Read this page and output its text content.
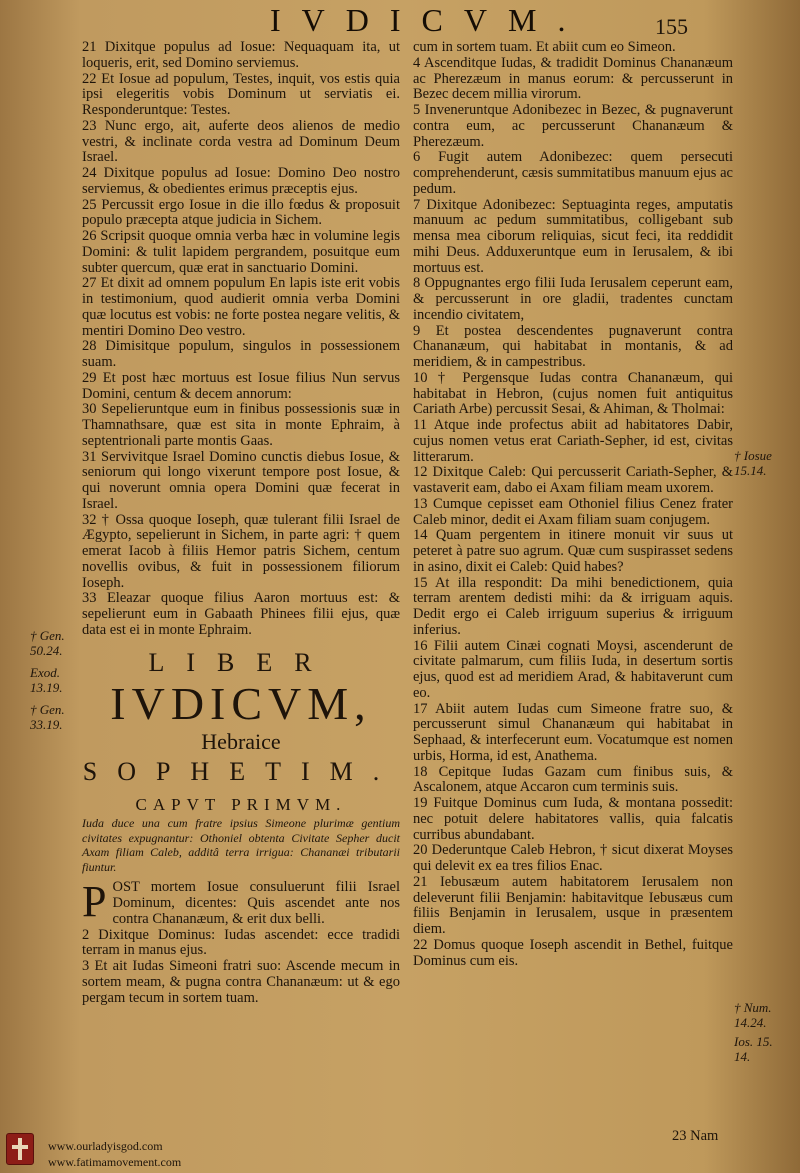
IVDICVM.	155
21 Dixitque populus ad Iosue: Nequaquam ita, ut loqueris, erit, sed Domino serviemus.
22 Et Iosue ad populum, Testes, inquit, vos estis quia ipsi elegeritis vobis Dominum ut serviatis ei. Responderuntque: Testes.
23 Nunc ergo, ait, auferte deos alienos de medio vestri, & inclinate corda vestra ad Dominum Deum Israel.
24 Dixitque populus ad Iosue: Domino Deo nostro serviemus, & obedientes erimus præceptis ejus.
25 Percussit ergo Iosue in die illo fœdus & proposuit populo præcepta atque judicia in Sichem.
26 Scripsit quoque omnia verba hæc in volumine legis Domini: & tulit lapidem pergrandem, posuitque eum subter quercum, quæ erat in sanctuario Domini.
27 Et dixit ad omnem populum En lapis iste erit vobis in testimonium, quod audierit omnia verba Domini quæ locutus est vobis: ne forte postea negare velitis, & mentiri Domino Deo vestro.
28 Dimisitque populum, singulos in possessionem suam.
29 Et post hæc mortuus est Iosue filius Nun servus Domini, centum & decem annorum:
30 Sepelieruntque eum in finibus possessionis suæ in Thamnathsare, quæ est sita in monte Ephraim, à septentrionali parte montis Gaas.
31 Servivitque Israel Domino cunctis diebus Iosue, & seniorum qui longo vixerunt tempore post Iosue, & qui noverunt omnia opera Domini quæ fecerat in Israel.
32 † Ossa quoque Ioseph, quæ tulerant filii Israel de Ægypto, sepelierunt in Sichem, in parte agri: † quem emerat Iacob à filiis Hemor patris Sichem, centum novellis ovibus, & fuit in possessionem filiorum Ioseph.
33 Eleazar quoque filius Aaron mortuus est: & sepelierunt eum in Gabaath Phinees filii ejus, quæ data est ei in monte Ephraim.
LIBER
IVDICVM,
Hebraice
SOPHETIM.
CAPVT PRIMVM.
Iuda duce una cum fratre ipsius Simeone plurimæ gentium civitates expugnantur: Othoniel obtenta Civitate Sepher ducit Axam filiam Caleb, additâ terra irrigua: Chananæi tributarii fiuntur.
P OST mortem Iosue consuluerunt filii Israel Dominum, dicentes: Quis ascendet ante nos contra Chananæum, & erit dux belli.
2 Dixitque Dominus: Iudas ascendet: ecce tradidi terram in manus ejus.
3 Et ait Iudas Simeoni fratri suo: Ascende mecum in sortem meam, & pugna contra Chananæum: ut & ego pergam tecum in sortem tuam.
cum in sortem tuam. Et abiit cum eo Simeon.
4 Ascenditque Iudas, & tradidit Dominus Chananæum ac Pherezæum in manus eorum: & percusserunt in Bezec decem millia virorum.
5 Inveneruntque Adonibezec in Bezec, & pugnaverunt contra eum, ac percusserunt Chananæum & Pherezæum.
6 Fugit autem Adonibezec: quem persecuti comprehenderunt, cæsis summitatibus manuum ejus ac pedum.
7 Dixitque Adonibezec: Septuaginta reges, amputatis manuum ac pedum summitatibus, colligebant sub mensa mea ciborum reliquias, sicut feci, ita reddidit mihi Deus. Adduxeruntque eum in Ierusalem, & ibi mortuus est.
8 Oppugnantes ergo filii Iuda Ierusalem ceperunt eam, & percusserunt in ore gladii, tradentes cunctam incendio civitatem,
9 Et postea descendentes pugnaverunt contra Chananæum, qui habitabat in montanis, & ad meridiem, & in campestribus.
10 † Pergensque Iudas contra Chananæum, qui habitabat in Hebron, (cujus nomen fuit antiquitus Cariath Arbe) percussit Sesai, & Ahiman, & Tholmai:
11 Atque inde profectus abiit ad habitatores Dabir, cujus nomen vetus erat Cariath-Sepher, id est, civitas litterarum.
12 Dixitque Caleb: Qui percusserit Cariath-Sepher, & vastaverit eam, dabo ei Axam filiam meam uxorem.
13 Cumque cepisset eam Othoniel filius Cenez frater Caleb minor, dedit ei Axam filiam suam conjugem.
14 Quam pergentem in itinere monuit vir suus ut peteret à patre suo agrum. Quæ cum suspirasset sedens in asino, dixit ei Caleb: Quid habes?
15 At illa respondit: Da mihi benedictionem, quia terram arentem dedisti mihi: da & irriguam aquis. Dedit ergo ei Caleb irriguum superius & irriguum inferius.
16 Filii autem Cinæi cognati Moysi, ascenderunt de civitate palmarum, cum filiis Iuda, in desertum sortis ejus, quod est ad meridiem Arad, & habitaverunt cum eo.
17 Abiit autem Iudas cum Simeone fratre suo, & percusserunt simul Chananæum qui habitabat in Sephaad, & interfecerunt eum. Vocatumque est nomen urbis, Horma, id est, Anathema.
18 Cepitque Iudas Gazam cum finibus suis, & Ascalonem, atque Accaron cum terminis suis.
19 Fuitque Dominus cum Iuda, & montana possedit: nec potuit delere habitatores vallis, quia falcatis curribus abundabant.
20 Dederuntque Caleb Hebron, † sicut dixerat Moyses qui delevit ex ea tres filios Enac.
21 Iebusæum autem habitatorem Ierusalem non deleverunt filii Benjamin: habitavitque Iebusæus cum filiis Benjamin in Ierusalem, usque in præsentem diem.
22 Domus quoque Ioseph ascendit in Bethel, fuitque Dominus cum eis.
† Gen. 50.24.
Exod. 13.19.
† Gen. 33.19.
† Iosue 15.14.
† Num. 14.24.
Ios. 15. 14.
23 Nam
www.ourladyisgod.com
www.fatimamovement.com
